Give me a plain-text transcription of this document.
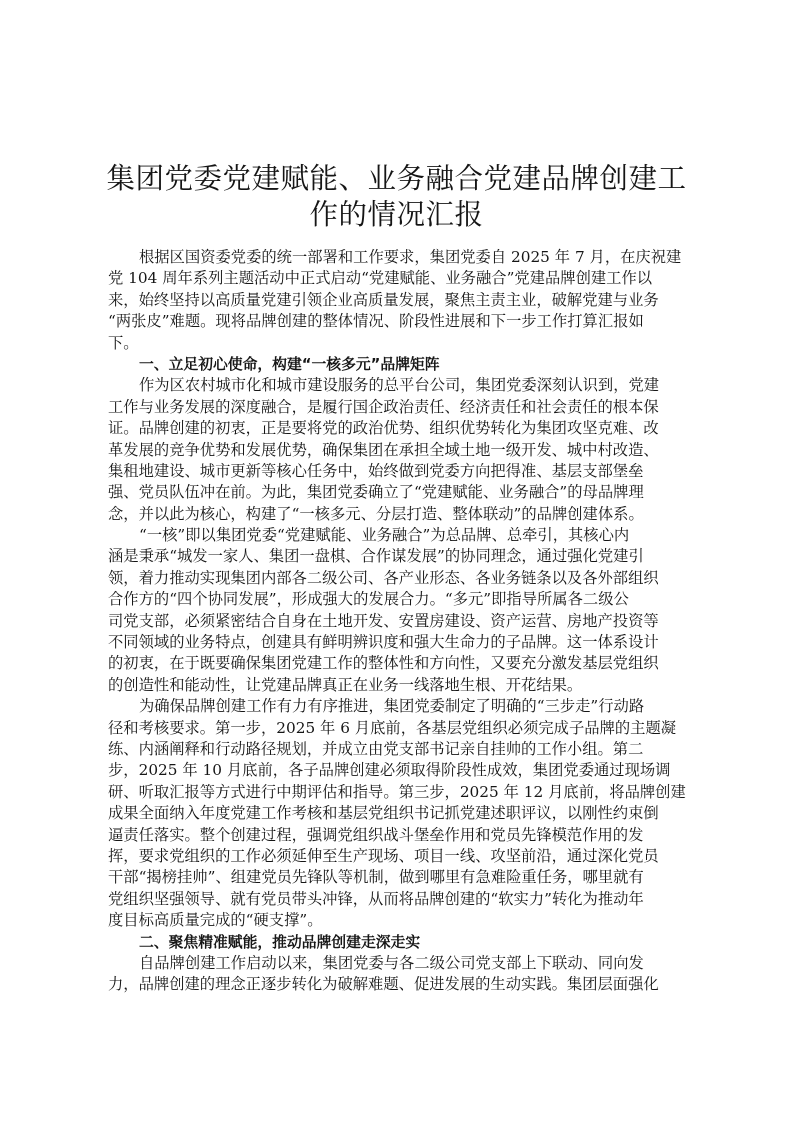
集团党委党建赋能、业务融合党建品牌创建工
作的情况汇报
根据区国资委党委的统一部署和工作要求，集团党委自 2025 年 7 月，在庆祝建
党 104 周年系列主题活动中正式启动“党建赋能、业务融合”党建品牌创建工作以
来，始终坚持以高质量党建引领企业高质量发展，聚焦主责主业，破解党建与业务
“两张皮”难题。现将品牌创建的整体情况、阶段性进展和下一步工作打算汇报如
下。
一、立足初心使命，构建“一核多元”品牌矩阵
作为区农村城市化和城市建设服务的总平台公司，集团党委深刻认识到，党建
工作与业务发展的深度融合，是履行国企政治责任、经济责任和社会责任的根本保
证。品牌创建的初衷，正是要将党的政治优势、组织优势转化为集团攻坚克难、改
革发展的竞争优势和发展优势，确保集团在承担全域土地一级开发、城中村改造、
集租地建设、城市更新等核心任务中，始终做到党委方向把得准、基层支部堡垒
强、党员队伍冲在前。为此，集团党委确立了“党建赋能、业务融合”的母品牌理
念，并以此为核心，构建了“一核多元、分层打造、整体联动”的品牌创建体系。
“一核”即以集团党委“党建赋能、业务融合”为总品牌、总牵引，其核心内
涵是秉承“城发一家人、集团一盘棋、合作谋发展”的协同理念，通过强化党建引
领，着力推动实现集团内部各二级公司、各产业形态、各业务链条以及各外部组织
合作方的“四个协同发展”，形成强大的发展合力。“多元”即指导所属各二级公
司党支部，必须紧密结合自身在土地开发、安置房建设、资产运营、房地产投资等
不同领域的业务特点，创建具有鲜明辨识度和强大生命力的子品牌。这一体系设计
的初衷，在于既要确保集团党建工作的整体性和方向性，又要充分激发基层党组织
的创造性和能动性，让党建品牌真正在业务一线落地生根、开花结果。
为确保品牌创建工作有力有序推进，集团党委制定了明确的“三步走”行动路
径和考核要求。第一步，2025 年 6 月底前，各基层党组织必须完成子品牌的主题凝
练、内涵阐释和行动路径规划，并成立由党支部书记亲自挂帅的工作小组。第二
步，2025 年 10 月底前，各子品牌创建必须取得阶段性成效，集团党委通过现场调
研、听取汇报等方式进行中期评估和指导。第三步，2025 年 12 月底前，将品牌创建
成果全面纳入年度党建工作考核和基层党组织书记抓党建述职评议，以刚性约束倒
逼责任落实。整个创建过程，强调党组织战斗堡垒作用和党员先锋模范作用的发
挥，要求党组织的工作必须延伸至生产现场、项目一线、攻坚前沿，通过深化党员
干部“揭榜挂帅”、组建党员先锋队等机制，做到哪里有急难险重任务，哪里就有
党组织坚强领导、就有党员带头冲锋，从而将品牌创建的“软实力”转化为推动年
度目标高质量完成的“硬支撑”。
二、聚焦精准赋能，推动品牌创建走深走实
自品牌创建工作启动以来，集团党委与各二级公司党支部上下联动、同向发
力，品牌创建的理念正逐步转化为破解难题、促进发展的生动实践。集团层面强化
